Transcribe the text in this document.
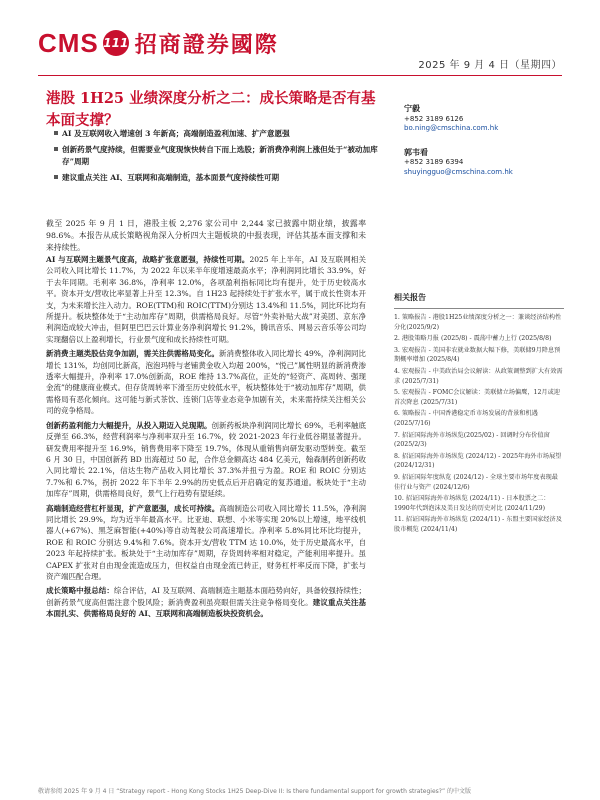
CMS 111 招商證券國際
2025 年 9 月 4 日（星期四）
港股 1H25 业绩深度分析之二：成长策略是否有基本面支撑？
AI 及互联网收入增速创 3 年新高；高端制造盈利加速、扩产意愿强
创新药景气度持续，但需要业气度现恢快转自下而上选股；新消费净利润上涨但处于“被动加库存”周期
建议重点关注 AI、互联网和高端制造，基本面景气度持续性可期
宁毅
+852 3189 6126
bo.ning@cmschina.com.hk
郭韦看
+852 3189 6394
shuyingguo@cmschina.com.hk

截至 2025 年 9 月 1 日，港股主板 2,276 家公司中 2,244 家已披露中期业绩，披露率 98.6%。本报告从成长策略视角深入分析四大主题板块的中报表现，评估其基本面支撑和未来持续性。

AI 与互联网主题景气度高，战略扩张意愿强，持续性可期。2025 年上半年，AI 及互联网相关公司收入同比增长 11.7%，为 2022 年以来半年度增速最高水平；净利润同比增长 33.9%，好于去年同期。毛利率 36.8%，净利率 12.0%，各项盈利指标同比均有提升，处于历史较高水平。资本开支/营收比率显著上升至 12.3%。自 1H23 起持续处于扩张水平，属于成长性资本开支，为未来增长注入动力。ROE(TTM)和 ROIC(TTM)分别达 13.4%和 11.5%，同比环比均有所提升。板块整体处于“主动加库存”周期，供需格局良好。尽管“外卖补贴大战”对美团、京东净利润造成较大冲击，但阿里巴巴云计算业务净利润增长 91.2%，腾讯音乐、网易云音乐等公司均实现翻倍以上盈利增长，行业景气度和成长持续性可期。

新消费主题类股估竞争加剧，需关注供需格局变化。新消费整体收入同比增长 49%，净利润同比增长 131%，均创同比新高，泡泡玛特与老铺黄金收入均超 200%，“悦己”属性明显的新消费渗透率大幅提升，净利率 17.0%创新高，ROE 维持 13.7%高位，正处的“轻资产、高周转、强现金流”的健康商业模式。但存货周转率下滑至历史较低水平，板块整体处于“被动加库存”周期，供需格局有恶化倾向。这可能与新式茶饮、连锁门店等业态竞争加剧有关，未来需持续关注相关公司的竞争格局。

创新药盈利能力大幅提升，从投入期迈入兑现期。创新药板块净利润同比增长 69%，毛利率触底反弹至 66.3%，经营利润率与净利率双升至 16.7%，较 2021-2023 年行业低谷期显著提升。研发费用率提升至 16.9%，销售费用率下降至 19.7%，体现从重销售向研发驱动型转变。截至 6 月 30 日，中国创新药 BD 出海超过 50 起，合作总金额高达 484 亿美元，翰森制药创新药收入同比增长 22.1%，信达生物产品收入同比增长 37.3%并扭亏为盈。ROE 和 ROIC 分别达 7.7%和 6.7%，拐折 2022 年下半年 2.9%的历史低点后开启确定的复苏通道。板块处于“主动加库存”周期，供需格局良好，景气上行趋势有望延续。

高端制造经营杠杆显现，扩产意愿强，成长可持续。高端制造公司收入同比增长 11.5%，净利润同比增长 29.9%，均为近半年最高水平。比亚迪、联想、小米等实现 20%以上增速，地平线机器人(+67%)、黑芝麻智能(+40%)等自动驾驶公司高速增长。净利率 5.8%同比环比均提升，ROE 和 ROIC 分别达 9.4%和 7.6%。资本开支/营收 TTM 达 10.0%，处于历史最高水平，自 2023 年起持续扩张。板块处于“主动加库存”周期，存货周转率相对稳定，产能利用率提升。虽 CAPEX 扩张对自由现金流造成压力，但权益自由现金流已转正，财务杠杆率反而下降，扩张与资产端匹配合理。

成长策略中报总结：综合评估，AI 及互联网、高端制造主题基本面趋势向好，具备较强持续性；创新药景气度高但需注意个股风险；新消费盈利虽亮眼但需关注竞争格局变化。建议重点关注基本面扎实、供需格局良好的 AI、互联网和高端制造板块投资机会。

相关报告
1. 策略报告 - 港股1H25业绩深度分析之一：兼谈经济结构性分化(2025/9/2)
2. 港股策略月报 (2025/8) - 震荡中蓄力上行 (2025/8/8)
3. 宏观报告 - 美国非农就业数据大幅下修，美联储9月降息预期概率增加 (2025/8/4)
4. 宏观报告 - 中美政治局会议解读：从政策调整到扩大有效需求 (2025/7/31)
5. 宏观报告 - FOMC会议解读：美联储立场偏鹰，12月或迎首次降息 (2025/7/31)
6. 策略报告 - 中国香港稳定币市场发展的背景和机遇 (2025/7/16)
7. 招证国际海外市场纵览(2025/02) - 回调时分布价值窗 (2025/2/3)
8. 招证国际海外市场纵览 (2024/12) - 2025年海外市场展望 (2024/12/31)
9. 招证国际年度纵览 (2024/12) - 全球主要市场年度表现最佳行业与资产 (2024/12/6)
10. 招证国际海外市场纵览 (2024/11) - 日本股票之二：1990年代到泡沫及美日发达的历史对比 (2024/11/29)
11. 招证国际海外市场纵览 (2024/11) - 东盟主要国家经济及股市概览 (2024/11/4)
敬请参阅 2025 年 9 月 4 日 “Strategy report - Hong Kong Stocks 1H25 Deep-Dive II: Is there fundamental support for growth strategies?” 的中文版
